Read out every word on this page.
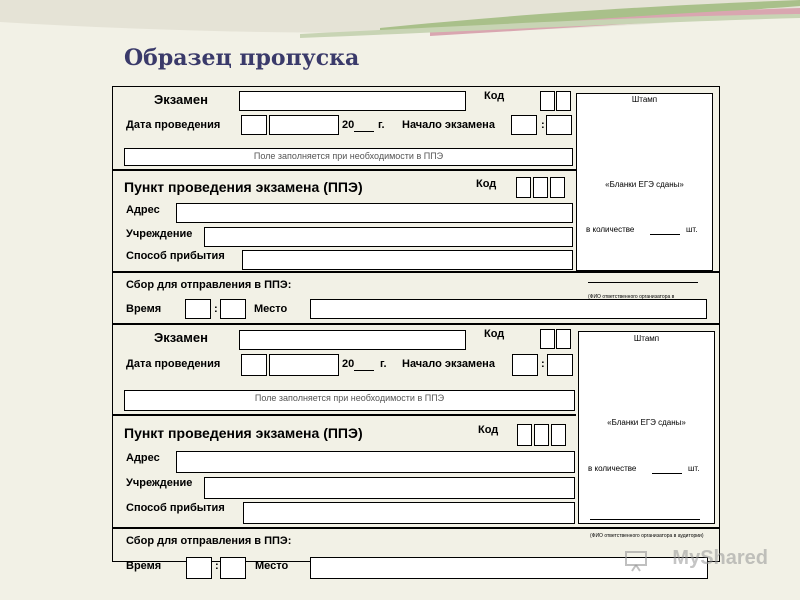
Образец пропуска
Экзамен	Код
Дата проведения	20 г. Начало экзамена	:
Поле заполняется при необходимости в ППЭ
Пункт проведения экзамена (ППЭ)	Код
Адрес
Учреждение
Способ прибытия
Сбор для отправления в ППЭ:
Время	:	Место
Штамп
«Бланки ЕГЭ сданы»
в количестве	шт.
(ФИО ответственного организатора в
Экзамен	Код
Дата проведения	20 г. Начало экзамена	:
Поле заполняется при необходимости в ППЭ
Пункт проведения экзамена (ППЭ)	Код
Адрес
Учреждение
Способ прибытия
Сбор для отправления в ППЭ:
Время	:	Место
Штамп
«Бланки ЕГЭ сданы»
в количестве	шт.
(ФИО ответственного организатора в аудитории)
MyShared
